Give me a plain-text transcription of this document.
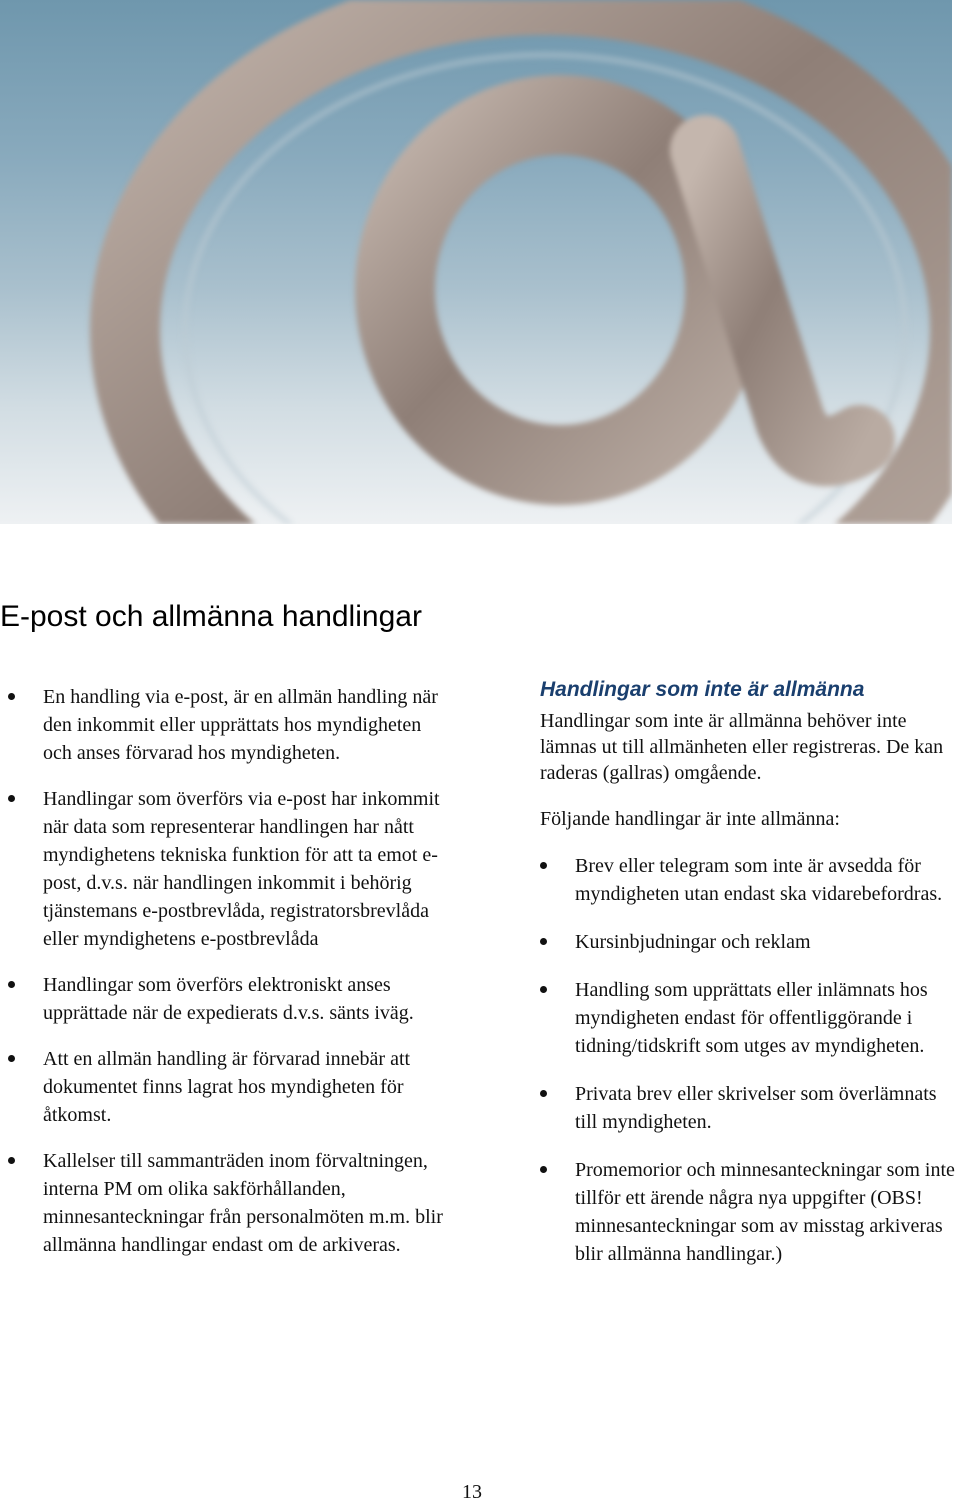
E-post och allmänna handlingar
En handling via e-post, är en allmän handling när den inkommit eller upprättats hos myndigheten och anses förvarad hos myndigheten.
Handlingar som överförs via e-post har inkommit när data som representerar handlingen har nått myndighetens tekniska funktion för att ta emot e-post, d.v.s. när handlingen inkommit i behörig tjänstemans e-postbrevlåda, registratorsbrevlåda eller myndighetens e-postbrevlåda
Handlingar som överförs elektroniskt anses upprättade när de expedierats d.v.s. sänts iväg.
Att en allmän handling är förvarad innebär att dokumentet finns lagrat hos myndigheten för åtkomst.
Kallelser till sammanträden inom förvaltningen, interna PM om olika sakförhållanden, minnesanteckningar från personalmöten m.m. blir allmänna handlingar endast om de arkiveras.
Handlingar som inte är allmänna

Handlingar som inte är allmänna behöver inte lämnas ut till allmänheten eller registreras. De kan raderas (gallras) omgående.

Följande handlingar är inte allmänna:

Brev eller telegram som inte är avsedda för myndigheten utan endast ska vidarebefordras.
Kursinbjudningar och reklam
Handling som upprättats eller inlämnats hos myndigheten endast för offentliggörande i tidning/tidskrift som utges av myndigheten.
Privata brev eller skrivelser som överlämnats till myndigheten.
Promemorior och minnesanteckningar som inte tillför ett ärende några nya uppgifter (OBS! minnesanteckningar som av misstag arkiveras blir allmänna handlingar.)
13
